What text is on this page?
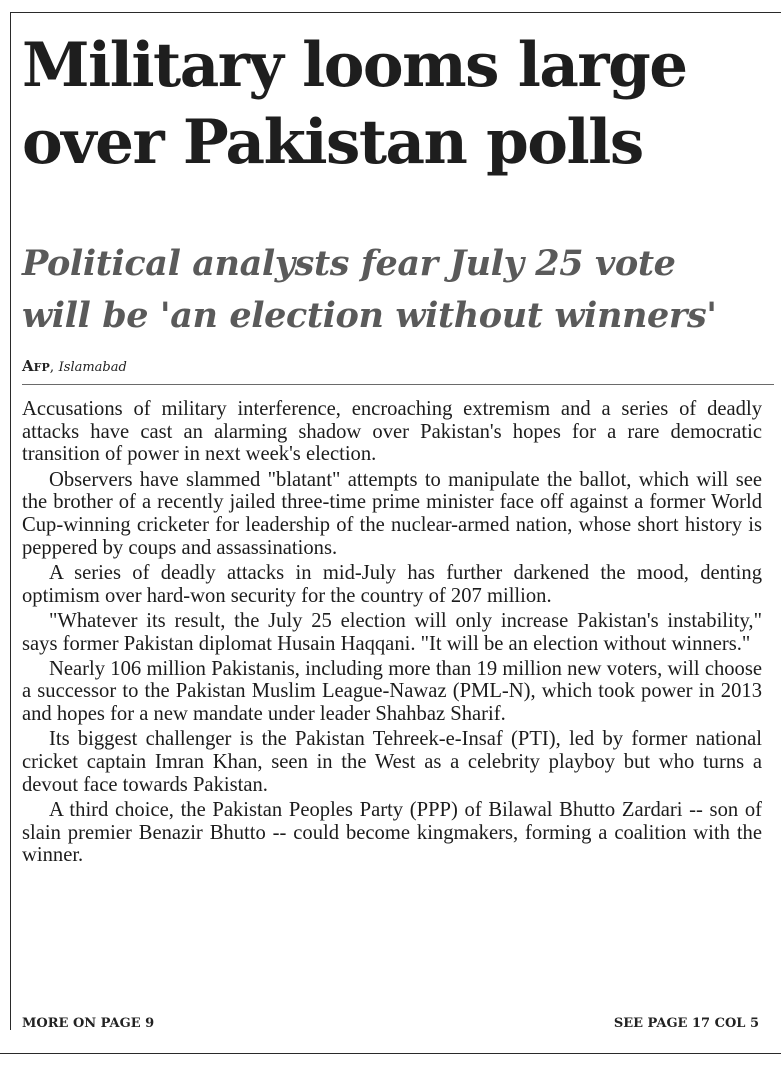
Military looms large
over Pakistan polls
Political analysts fear July 25 vote
will be 'an election without winners'
Afp, Islamabad

Accusations of military interference, encroaching extremism and a series of deadly attacks have cast an alarming shadow over Pakistan's hopes for a rare democratic transition of power in next week's election.

Observers have slammed "blatant" attempts to manipulate the ballot, which will see the brother of a recently jailed three-time prime minister face off against a former World Cup-winning cricketer for leadership of the nuclear-armed nation, whose short history is peppered by coups and assassinations.

A series of deadly attacks in mid-July has further darkened the mood, denting optimism over hard-won security for the country of 207 million.

"Whatever its result, the July 25 election will only increase Pakistan's instability," says former Pakistan diplomat Husain Haqqani. "It will be an election without winners."

Nearly 106 million Pakistanis, including more than 19 million new voters, will choose a successor to the Pakistan Muslim League-Nawaz (PML-N), which took power in 2013 and hopes for a new mandate under leader Shahbaz Sharif.

Its biggest challenger is the Pakistan Tehreek-e-Insaf (PTI), led by former national cricket captain Imran Khan, seen in the West as a celebrity playboy but who turns a devout face towards Pakistan.

A third choice, the Pakistan Peoples Party (PPP) of Bilawal Bhutto Zardari -- son of slain premier Benazir Bhutto -- could become kingmakers, forming a coalition with the winner.

MORE ON PAGE 9	SEE PAGE 17 COL 5
